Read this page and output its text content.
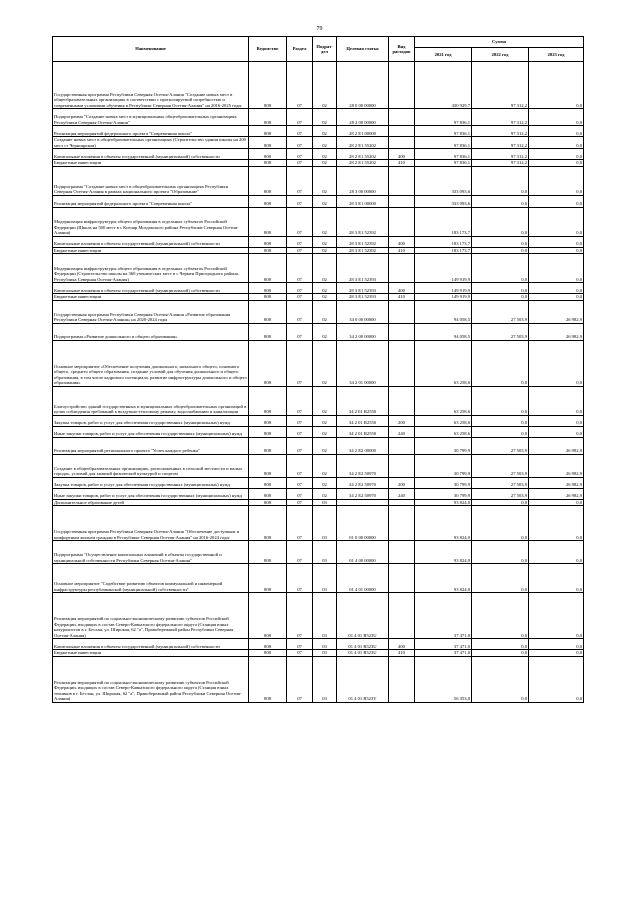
79
Наименование	Ведомство	Раздел	Подраз-дел	Целевая статья	Вид расходов	Сумма		
						2021 год	2022 год	2023 год
Государственная программа Республики Северная Осетия-Алания "Создание новых мест в общеобразовательных организациях в соответствии с прогнозируемой потребностью и современными условиями обучения в Республике Северная Осетия-Алания" на 2016-2025 годы	808	07	02	28 0 00 00000		430 929,7	97 312,2	0,0
Подпрограмма "Создание новых мест в муниципальных общеобразовательных организациях Республики Северная Осетия-Алания"	808	07	02	28 2 00 00000		97 836,1	97 312,2	0,0
Реализация мероприятий федерального проекта "Современная школа"	808	07	02	28 2 E1 00000		97 836,1	97 312,2	0,0
Создание новых мест в общеобразовательных организациях (Строительство здания школы на 200 мест ст Черноярская)	808	07	02	28 2 E1 55202		97 836,1	97 312,2	0,0
Капитальные вложения в объекты государственной (муниципальной) собственности	808	07	02	28 2 E1 55202	400	97 836,1	97 312,2	0,0
Бюджетные инвестиции	808	07	02	28 2 E1 55202	410	97 836,1	97 312,2	0,0
Подпрограмма "Создание новых мест в общеобразовательных организациях Республики Северная Осетия-Алания в рамках национального проекта "Образование"	808	07	02	28 3 00 00000		333 093,6	0,0	0,0
Реализация мероприятий федерального проекта "Современная школа"	808	07	02	28 3 E1 00000		333 093,6	0,0	0,0
Модернизация инфраструктуры общего образования в отдельных субъектах Российской Федерации (Школа на 500 мест в с Кизляр Моздокского района Республики Северная Осетия-Алания)	808	07	02	28 3 E1 52392		183 173,7	0,0	0,0
Капитальные вложения в объекты государственной (муниципальной) собственности	808	07	02	28 3 E1 52392	400	183 173,7	0,0	0,0
Бюджетные инвестиции	808	07	02	28 3 E1 52392	410	183 173,7	0,0	0,0
Модернизация инфраструктуры общего образования в отдельных субъектах Российской Федерации (Строительство школы на 360 ученических мест в с Чермен Пригородного района, Республика Северная Осетия-Алания)	808	07	02	28 3 E1 52393		149 919,9	0,0	0,0
Капитальные вложения в объекты государственной (муниципальной) собственности	808	07	02	28 3 E1 52393	400	149 919,9	0,0	0,0
Бюджетные инвестиции	808	07	02	28 3 E1 52393	410	149 919,9	0,0	0,0
Государственная программа Республики Северная Осетия-Алания «Развитие образования Республики Северная Осетия-Алания» на 2020-2024 годы	808	07	02	34 0 00 00000		94 058,5	27 503,9	26 982,9
Подпрограмма «Развитие дошкольного и общего образования»	808	07	02	34 2 00 00000		94 058,5	27 503,9	26 982,9
Основное мероприятие «Обеспечение получения дошкольного, начального общего, основного общего, среднего общего образования, создание условий для обучения дошкольного и общего образования, в том числе кадрового потенциала, развитие инфраструктуры дошкольного и общего образования»	808	07	02	34 2 01 00000		63 258,6	0,0	0,0
Благоустройство зданий государственных и муниципальных общеобразовательных организаций в целях соблюдения требований к воздушно-тепловому режиму, водоснабжению и канализации	808	07	02	34 2 01 R2550		63 258,6	0,0	0,0
Закупка товаров, работ и услуг для обеспечения государственных (муниципальных) нужд	808	07	02	34 2 01 R2550	200	63 258,6	0,0	0,0
Иные закупки товаров, работ и услуг для обеспечения государственных (муниципальных) нужд	808	07	02	34 2 01 R2550	240	63 258,6	0,0	0,0
Реализация мероприятий регионального проекта "Успех каждого ребенка"	808	07	02	34 2 E2 00000		30 799,9	27 503,9	26 982,9
Создание в общеобразовательных организациях, расположенных в сельской местности и малых городах, условий для занятий физической культурой и спортом	808	07	02	34 2 E2 50970		30 799,9	27 503,9	26 982,9
Закупка товаров, работ и услуг для обеспечения государственных (муниципальных) нужд	808	07	02	34 2 E2 50970	200	30 799,9	27 503,9	26 982,9
Иные закупки товаров, работ и услуг для обеспечения государственных (муниципальных) нужд	808	07	02	34 2 E2 50970	240	30 799,9	27 503,9	26 982,9
Дополнительное образование детей	808	07	03			93 824,0	0,0	0,0
Государственная программа Республики Северная Осетия-Алания "Обеспечение доступным и комфортным жильем граждан в Республике Северная Осетия-Алания" на 2016-2024 годы	808	07	03	01 0 00 00000		93 824,0	0,0	0,0
Подпрограмма "Осуществление капитальных вложений в объекты государственной и муниципальной собственности Республики Северная Осетия-Алания"	808	07	03	01 4 00 00000		93 824,0	0,0	0,0
Основное мероприятие "Содействие развитию объектов коммунальной и инженерной инфраструктуры республиканской (муниципальной) собственности"	808	07	03	01 4 01 00000		93 824,0	0,0	0,0
Реализация мероприятий по социально-экономическому развитию субъектов Российской Федерации, входящих в состав Северо-Кавказского федерального округа (Станция юных натуралистов в г. Беслан, ул. Широкая, 62 "а", Правобережный район Республики Северная Осетия-Алания)	808	07	03	01 4 01 R523U		37 471,0	0,0	0,0
Капитальные вложения в объекты государственной (муниципальной) собственности	808	07	03	01 4 01 R523U	400	37 471,0	0,0	0,0
Бюджетные инвестиции	808	07	03	01 4 01 R523U	410	37 471,0	0,0	0,0
Реализация мероприятий по социально-экономическому развитию субъектов Российской Федерации, входящих в состав Северо-Кавказского федерального округа (Станция юных техников в г. Беслан, ул. Широкая, 62 "а", Правобережный район Республики Северная Осетия-Алания)	808	07	03	01 4 01 R523V		56 353,0	0,0	0,0
